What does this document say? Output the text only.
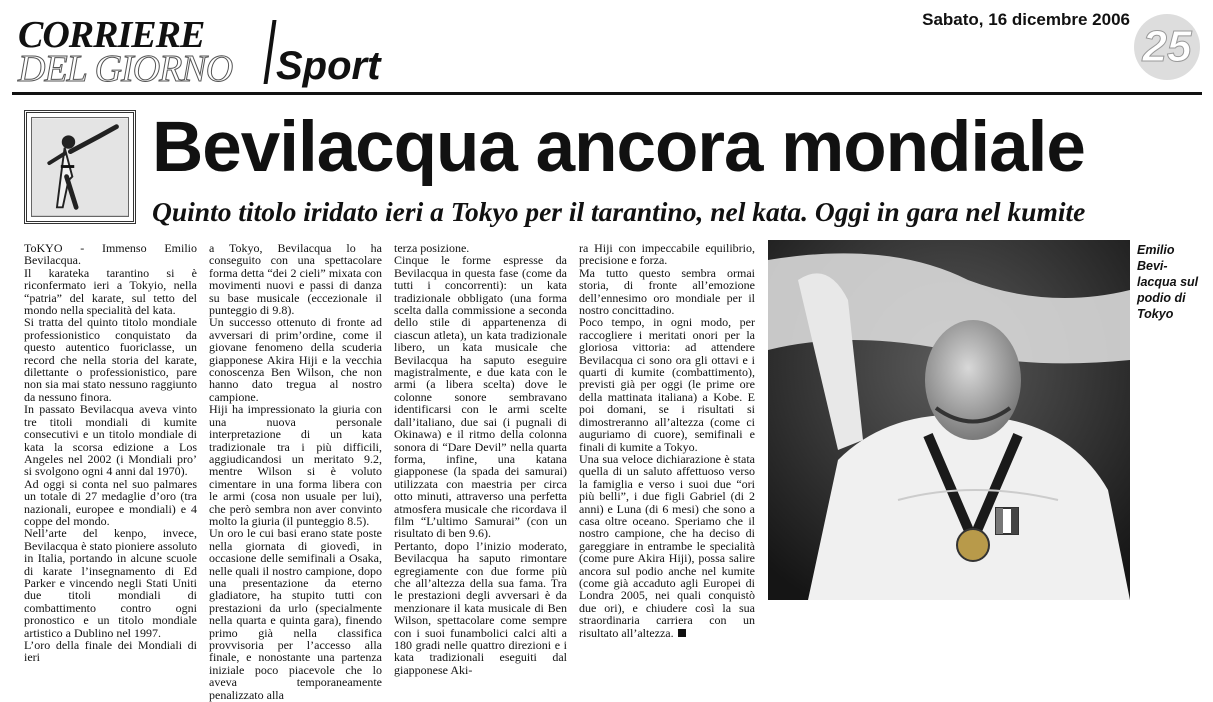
CORRIERE
DEL GIORNO Sport
Sabato, 16 dicembre 2006
25
Bevilacqua ancora mondiale
Quinto titolo iridato ieri a Tokyo per il tarantino, nel kata. Oggi in gara nel kumite

ToKYO - Immenso Emilio Bevilacqua.
Il karateka tarantino si è riconfermato ieri a Tokyio, nella “patria” del karate, sul tetto del mondo nella specialità del kata.
Si tratta del quinto titolo mondiale professionistico conquistato da questo autentico fuoriclasse, un record che nella storia del karate, dilettante o professionistico, pare non sia mai stato nessuno raggiunto da nessuno finora.
In passato Bevilacqua aveva vinto tre titoli mondiali di kumite consecutivi e un titolo mondiale di kata la scorsa edizione a Los Angeles nel 2002 (i Mondiali pro’ si svolgono ogni 4 anni dal 1970).
Ad oggi si conta nel suo palmares un totale di 27 medaglie d’oro (tra nazionali, europee e mondiali) e 4 coppe del mondo.
Nell’arte del kenpo, invece, Bevilacqua è stato pioniere assoluto in Italia, portando in alcune scuole di karate l’insegnamento di Ed Parker e vincendo negli Stati Uniti due titoli mondiali di combattimento contro ogni pronostico e un titolo mondiale artistico a Dublino nel 1997.
L’oro della finale dei Mondiali di ieri

a Tokyo, Bevilacqua lo ha conseguito con una spettacolare forma detta “dei 2 cieli” mixata con movimenti nuovi e passi di danza su base musicale (eccezionale il punteggio di 9.8).
Un successo ottenuto di fronte ad avversari di prim’ordine, come il giovane fenomeno della scuderia giapponese Akira Hiji e la vecchia conoscenza Ben Wilson, che non hanno dato tregua al nostro campione.
Hiji ha impressionato la giuria con una nuova personale interpretazione di un kata tradizionale tra i più difficili, aggiudicandosi un meritato 9.2, mentre Wilson si è voluto cimentare in una forma libera con le armi (cosa non usuale per lui), che però sembra non aver convinto molto la giuria (il punteggio 8.5).
Un oro le cui basi erano state poste nella giornata di giovedì, in occasione delle semifinali a Osaka, nelle quali il nostro campione, dopo una presentazione da eterno gladiatore, ha stupito tutti con prestazioni da urlo (specialmente nella quarta e quinta gara), finendo primo già nella classifica provvisoria per l’accesso alla finale, e nonostante una partenza iniziale poco piacevole che lo aveva temporaneamente penalizzato alla

terza posizione.
Cinque le forme espresse da Bevilacqua in questa fase (come da tutti i concorrenti): un kata tradizionale obbligato (una forma scelta dalla commissione a seconda dello stile di appartenenza di ciascun atleta), un kata tradizionale libero, un kata musicale che Bevilacqua ha saputo eseguire magistralmente, e due kata con le armi (a libera scelta) dove le colonne sonore sembravano identificarsi con le armi scelte dall’italiano, due sai (i pugnali di Okinawa) e il ritmo della colonna sonora di “Dare Devil” nella quarta forma, infine, una katana giapponese (la spada dei samurai) utilizzata con maestria per circa otto minuti, attraverso una perfetta atmosfera musicale che ricordava il film “L’ultimo Samurai” (con un risultato di ben 9.6).
Pertanto, dopo l’inizio moderato, Bevilacqua ha saputo rimontare egregiamente con due forme più che all’altezza della sua fama. Tra le prestazioni degli avversari è da menzionare il kata musicale di Ben Wilson, spettacolare come sempre con i suoi funambolici calci alti a 180 gradi nelle quattro direzioni e i kata tradizionali eseguiti dal giapponese Aki-

ra Hiji con impeccabile equilibrio, precisione e forza.
Ma tutto questo sembra ormai storia, di fronte all’emozione dell’ennesimo oro mondiale per il nostro concittadino.
Poco tempo, in ogni modo, per raccogliere i meritati onori per la gloriosa vittoria: ad attendere Bevilacqua ci sono ora gli ottavi e i quarti di kumite (combattimento), previsti già per oggi (le prime ore della mattinata italiana) a Kobe. E poi domani, se i risultati si dimostreranno all’altezza (come ci auguriamo di cuore), semifinali e finali di kumite a Tokyo.
Una sua veloce dichiarazione è stata quella di un saluto affettuoso verso la famiglia e verso i suoi due “ori più belli”, i due figli Gabriel (di 2 anni) e Luna (di 6 mesi) che sono a casa oltre oceano. Speriamo che il nostro campione, che ha deciso di gareggiare in entrambe le specialità (come pure Akira Hiji), possa salire ancora sul podio anche nel kumite (come già accaduto agli Europei di Londra 2005, nei quali conquistò due ori), e chiudere così la sua straordinaria carriera con un risultato all’altezza.

Emilio Bevi-lacqua sul podio di Tokyo
